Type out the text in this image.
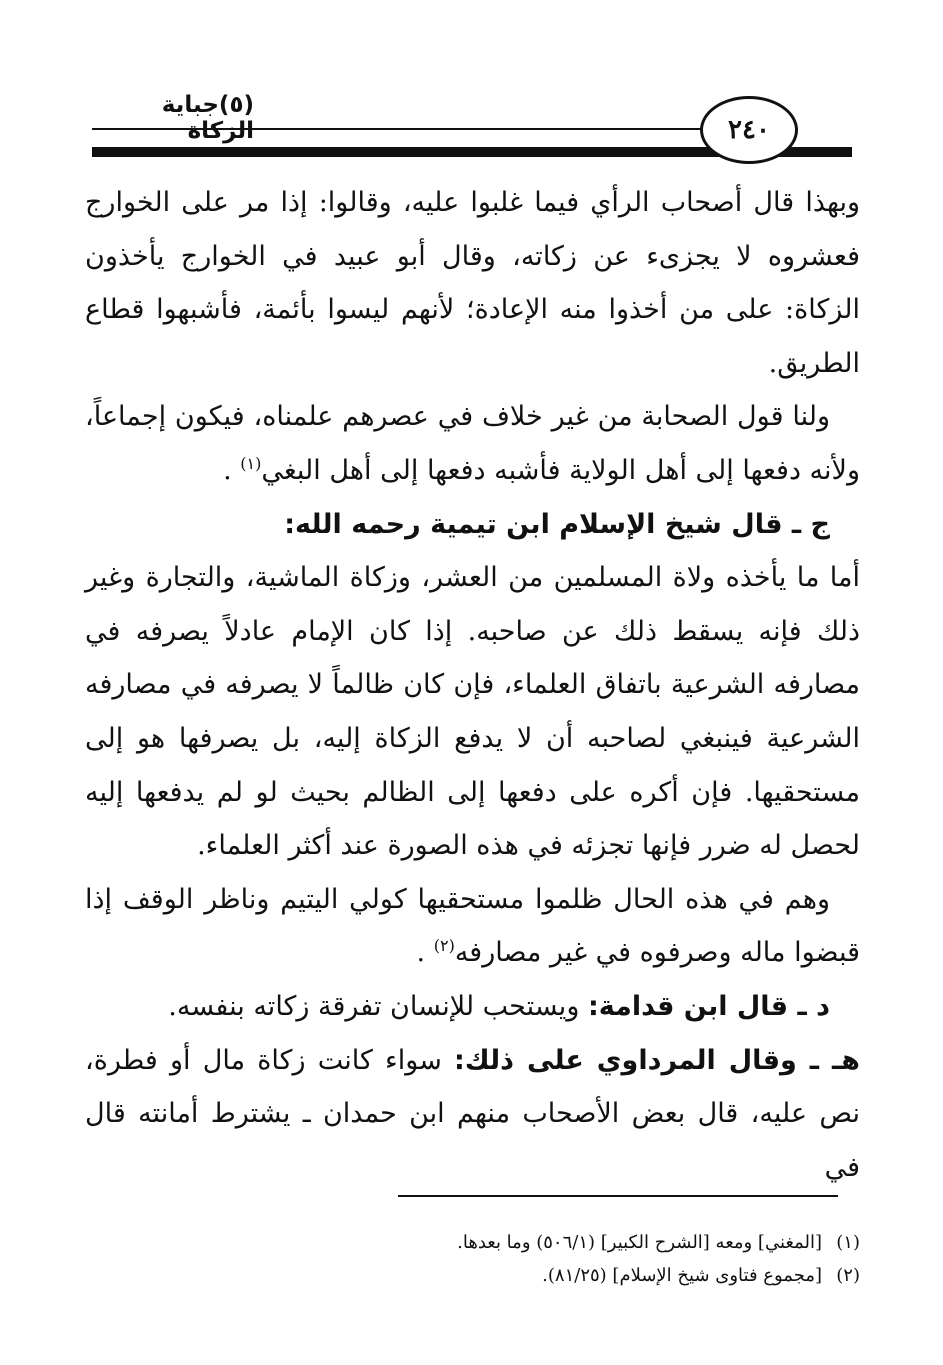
٢٤٠
(٥)جباية الزكاة

وبهذا قال أصحاب الرأي فيما غلبوا عليه، وقالوا: إذا مر على الخوارج فعشروه لا يجزىء عن زكاته، وقال أبو عبيد في الخوارج يأخذون الزكاة: على من أخذوا منه الإعادة؛ لأنهم ليسوا بأئمة، فأشبهوا قطاع الطريق.

ولنا قول الصحابة من غير خلاف في عصرهم علمناه، فيكون إجماعاً، ولأنه دفعها إلى أهل الولاية فأشبه دفعها إلى أهل البغي$^{(١)}$ .

ج ـ قال شيخ الإسلام ابن تيمية رحمه الله:

أما ما يأخذه ولاة المسلمين من العشر، وزكاة الماشية، والتجارة وغير ذلك فإنه يسقط ذلك عن صاحبه. إذا كان الإمام عادلاً يصرفه في مصارفه الشرعية باتفاق العلماء، فإن كان ظالماً لا يصرفه في مصارفه الشرعية فينبغي لصاحبه أن لا يدفع الزكاة إليه، بل يصرفها هو إلى مستحقيها. فإن أكره على دفعها إلى الظالم بحيث لو لم يدفعها إليه لحصل له ضرر فإنها تجزئه في هذه الصورة عند أكثر العلماء.

وهم في هذه الحال ظلموا مستحقيها كولي اليتيم وناظر الوقف إذا قبضوا ماله وصرفوه في غير مصارفه$^{(٢)}$ .

د ـ قال ابن قدامة: ويستحب للإنسان تفرقة زكاته بنفسه.

هـ ـ وقال المرداوي على ذلك: سواء كانت زكاة مال أو فطرة، نص عليه، قال بعض الأصحاب منهم ابن حمدان ـ يشترط أمانته قال في

(١)[المغني] ومعه [الشرح الكبير] (٥٠٦/١) وما بعدها.

(٢)[مجموع فتاوى شيخ الإسلام] (٨١/٢٥).
